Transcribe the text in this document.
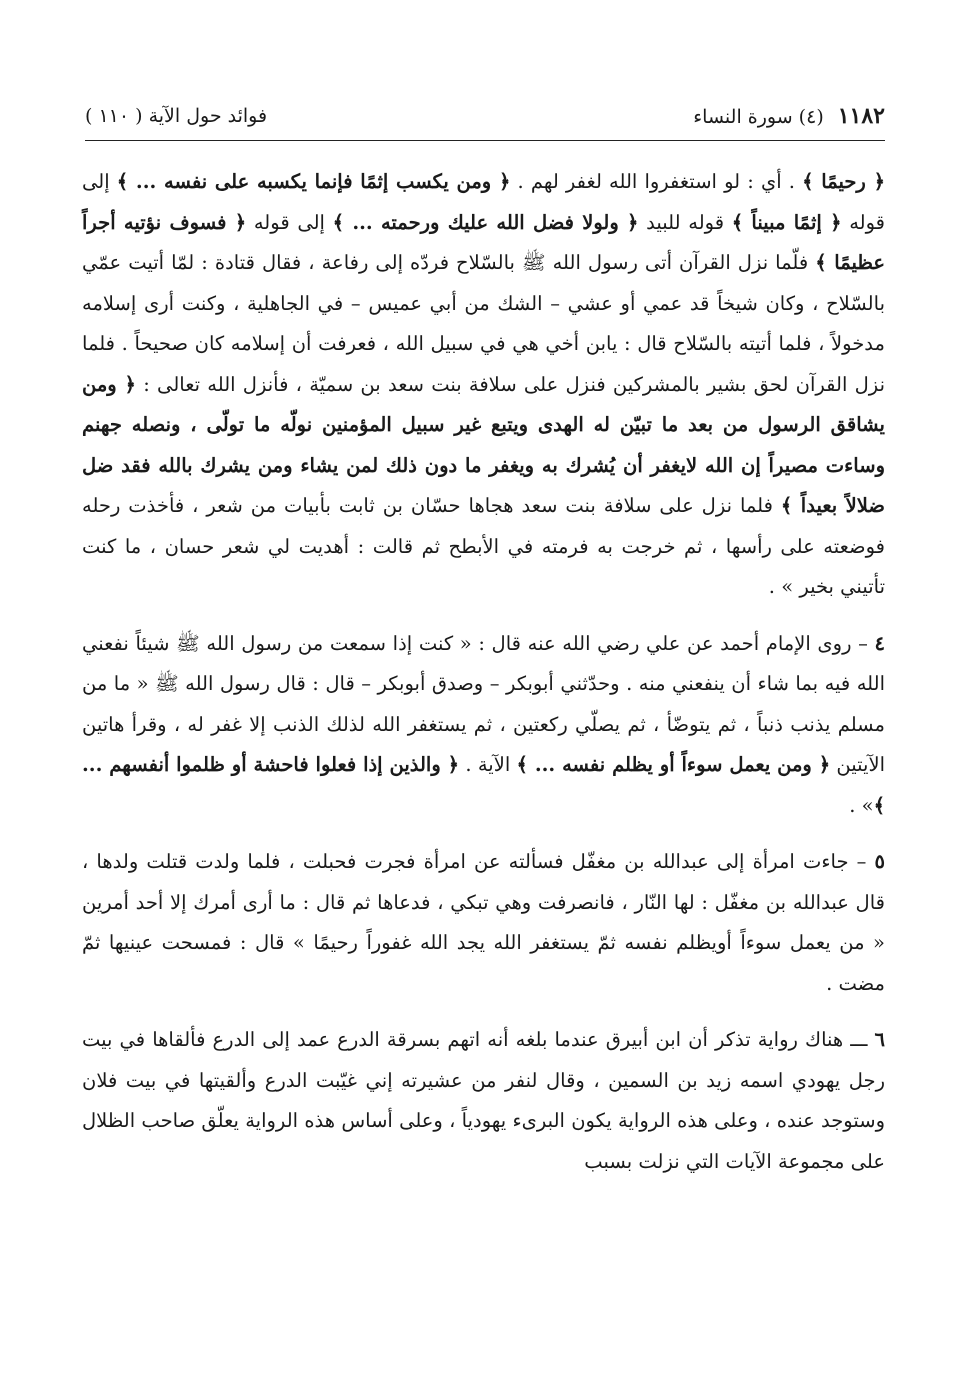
١١٨٢
(٤) سورة النساء
فوائد حول الآية ( ١١٠ )

﴿ رحيمًا ﴾ . أي : لو استغفروا الله لغفر لهم . ﴿ ومن يكسب إثمًا فإنما يكسبه على نفسه ... ﴾ إلى قوله ﴿ إثمًا مبيناً ﴾ قوله للبيد ﴿ ولولا فضل الله عليك ورحمته ... ﴾ إلى قوله ﴿ فسوف نؤتيه أجراً عظيمًا ﴾ فلّما نزل القرآن أتى رسول الله ﷺ بالسّلاح فردّه إلى رفاعة ، فقال قتادة : لمّا أتيت عمّي بالسّلاح ، وكان شيخاً قد عمي أو عشي – الشك من أبي عميس – في الجاهلية ، وكنت أرى إسلامه مدخولاً ، فلما أتيته بالسّلاح قال : يابن أخي هي في سبيل الله ، فعرفت أن إسلامه كان صحيحاً . فلما نزل القرآن لحق بشير بالمشركين فنزل على سلافة بنت سعد بن سميّة ، فأنزل الله تعالى : ﴿ ومن يشاقق الرسول من بعد ما تبيّن له الهدى ويتبع غير سبيل المؤمنين نولّه ما تولّى ، ونصله جهنم وساءت مصيراً إن الله لايغفر أن يُشرك به ويغفر ما دون ذلك لمن يشاء ومن يشرك بالله فقد ضل ضلالاً بعيداً ﴾ فلما نزل على سلافة بنت سعد هجاها حسّان بن ثابت بأبيات من شعر ، فأخذت رحله فوضعته على رأسها ، ثم خرجت به فرمته في الأبطح ثم قالت : أهديت لي شعر حسان ، ما كنت تأتيني بخير » .

٤ – روى الإمام أحمد عن علي رضي الله عنه قال : « كنت إذا سمعت من رسول الله ﷺ شيئاً نفعني الله فيه بما شاء أن ينفعني منه . وحدّثني أبوبكر – وصدق أبوبكر – قال : قال رسول الله ﷺ « ما من مسلم يذنب ذنباً ، ثم يتوضّأ ، ثم يصلّي ركعتين ، ثم يستغفر الله لذلك الذنب إلا غفر له ، وقرأ هاتين الآيتين ﴿ ومن يعمل سوءاً أو يظلم نفسه ... ﴾ الآية . ﴿ والذين إذا فعلوا فاحشة أو ظلموا أنفسهم ... ﴾» .

٥ – جاءت امرأة إلى عبدالله بن مغفّل فسألته عن امرأة فجرت فحبلت ، فلما ولدت قتلت ولدها ، قال عبدالله بن مغفّل : لها النّار ، فانصرفت وهي تبكي ، فدعاها ثم قال : ما أرى أمرك إلا أحد أمرين « من يعمل سوءاً أويظلم نفسه ثمّ يستغفر الله يجد الله غفوراً رحيمًا » قال : فمسحت عينيها ثمّ مضت .

٦ ـــ هناك رواية تذكر أن ابن أبيرق عندما بلغه أنه اتهم بسرقة الدرع عمد إلى الدرع فألقاها في بيت رجل يهودي اسمه زيد بن السمين ، وقال لنفر من عشيرته إني غيّبت الدرع وألقيتها في بيت فلان وستوجد عنده ، وعلى هذه الرواية يكون البرىء يهودياً ، وعلى أساس هذه الرواية يعلّق صاحب الظلال على مجموعة الآيات التي نزلت بسبب
